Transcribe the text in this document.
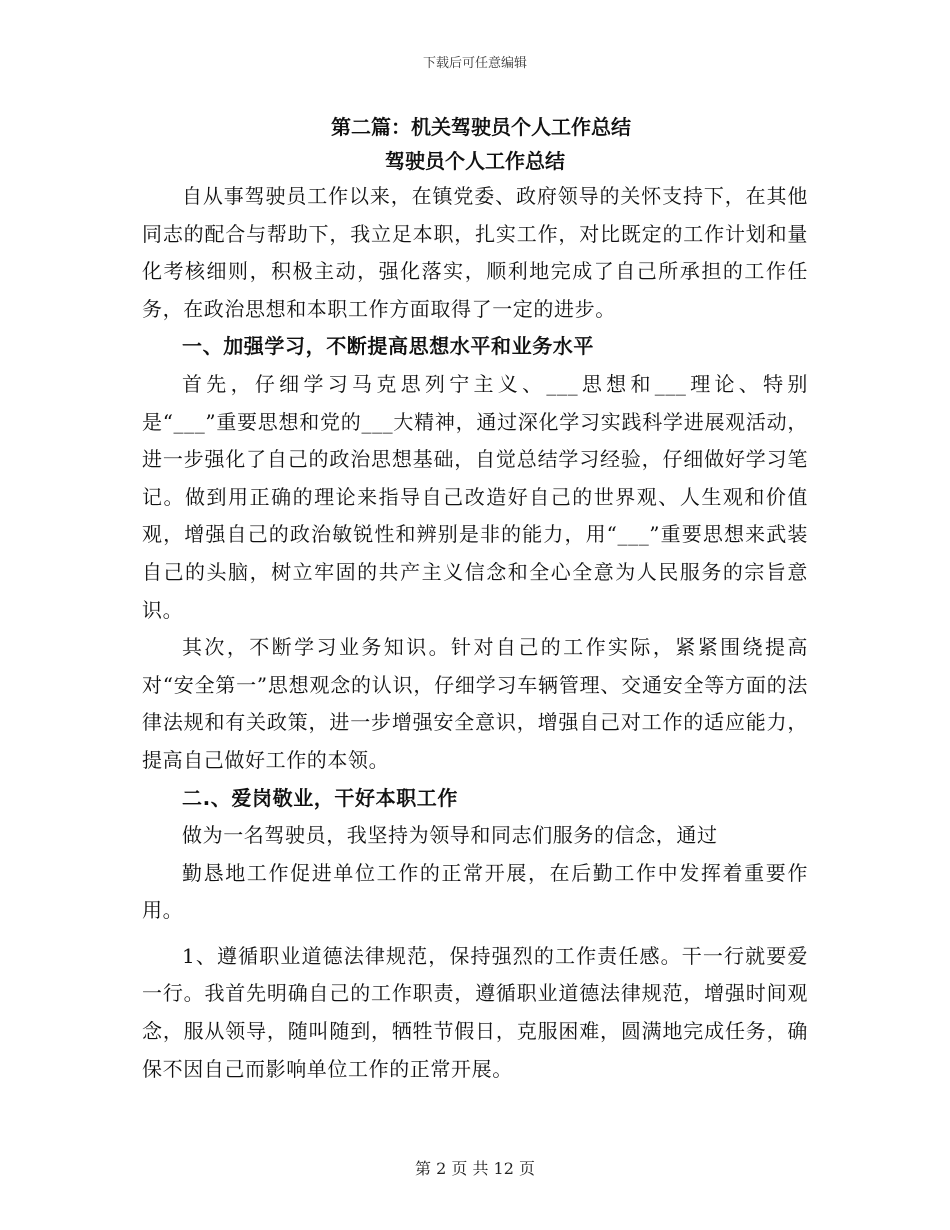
下载后可任意编辑

第二篇：机关驾驶员个人工作总结

驾驶员个人工作总结

自从事驾驶员工作以来，在镇党委、政府领导的关怀支持下，在其他同志的配合与帮助下，我立足本职，扎实工作，对比既定的工作计划和量化考核细则，积极主动，强化落实，顺利地完成了自己所承担的工作任务，在政治思想和本职工作方面取得了一定的进步。

一、加强学习，不断提高思想水平和业务水平

首先，仔细学习马克思列宁主义、___思想和___理论、特别是“___”重要思想和党的___大精神，通过深化学习实践科学进展观活动，进一步强化了自己的政治思想基础，自觉总结学习经验，仔细做好学习笔记。做到用正确的理论来指导自己改造好自己的世界观、人生观和价值观，增强自己的政治敏锐性和辨别是非的能力，用“___”重要思想来武装自己的头脑，树立牢固的共产主义信念和全心全意为人民服务的宗旨意识。

其次，不断学习业务知识。针对自己的工作实际，紧紧围绕提高对“安全第一”思想观念的认识，仔细学习车辆管理、交通安全等方面的法律法规和有关政策，进一步增强安全意识，增强自己对工作的适应能力，提高自己做好工作的本领。

二.、爱岗敬业，干好本职工作

做为一名驾驶员，我坚持为领导和同志们服务的信念，通过

勤恳地工作促进单位工作的正常开展，在后勤工作中发挥着重要作用。

1、遵循职业道德法律规范，保持强烈的工作责任感。干一行就要爱一行。我首先明确自己的工作职责，遵循职业道德法律规范，增强时间观念，服从领导，随叫随到，牺牲节假日，克服困难，圆满地完成任务，确保不因自己而影响单位工作的正常开展。

第 2 页 共 12 页
